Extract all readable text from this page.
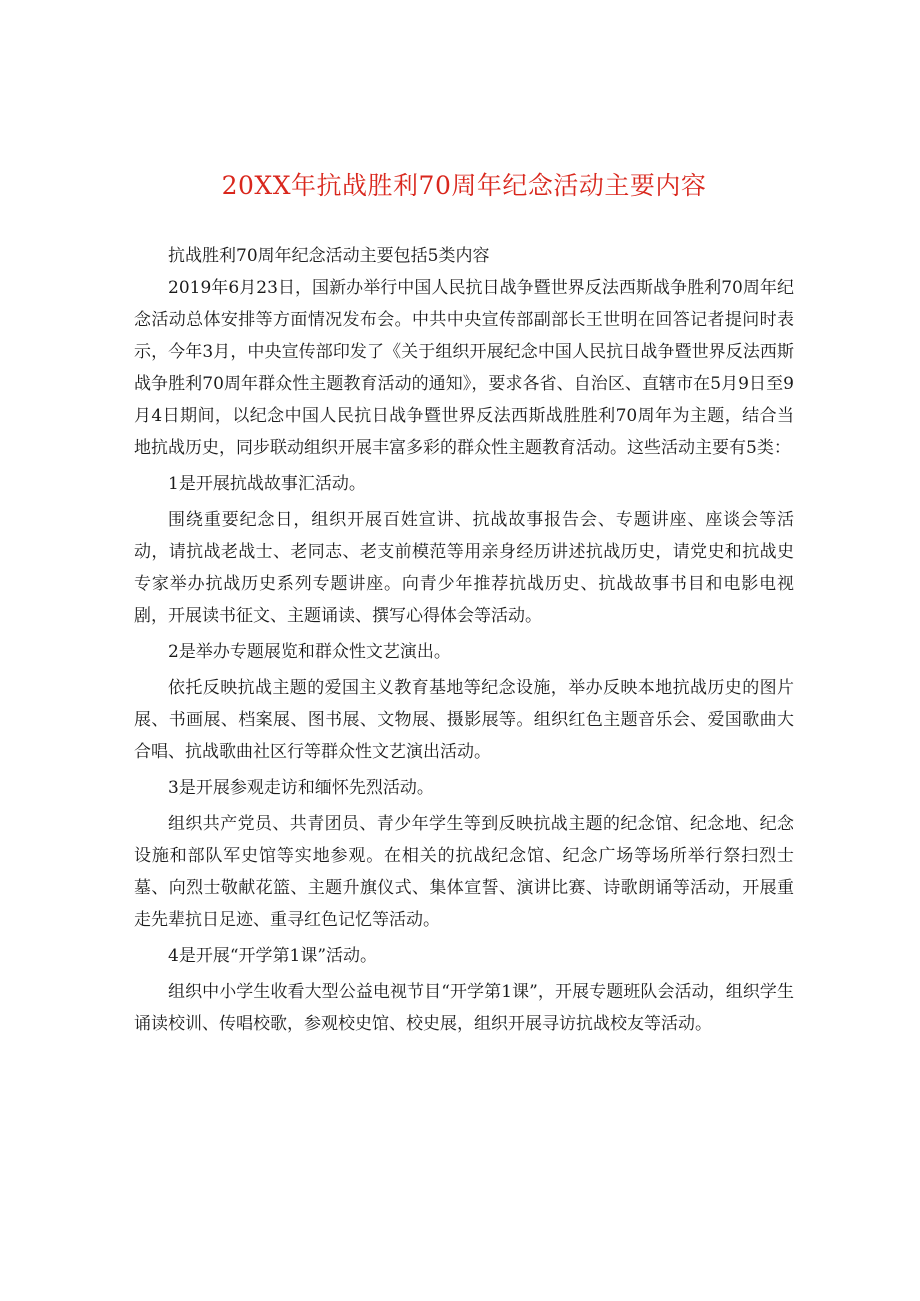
20XX年抗战胜利70周年纪念活动主要内容

抗战胜利70周年纪念活动主要包括5类内容

2019年6月23日，国新办举行中国人民抗日战争暨世界反法西斯战争胜利70周年纪念活动总体安排等方面情况发布会。中共中央宣传部副部长王世明在回答记者提问时表示，今年3月，中央宣传部印发了《关于组织开展纪念中国人民抗日战争暨世界反法西斯战争胜利70周年群众性主题教育活动的通知》，要求各省、自治区、直辖市在5月9日至9月4日期间，以纪念中国人民抗日战争暨世界反法西斯战胜胜利70周年为主题，结合当地抗战历史，同步联动组织开展丰富多彩的群众性主题教育活动。这些活动主要有5类：

1是开展抗战故事汇活动。

围绕重要纪念日，组织开展百姓宣讲、抗战故事报告会、专题讲座、座谈会等活动，请抗战老战士、老同志、老支前模范等用亲身经历讲述抗战历史，请党史和抗战史专家举办抗战历史系列专题讲座。向青少年推荐抗战历史、抗战故事书目和电影电视剧，开展读书征文、主题诵读、撰写心得体会等活动。

2是举办专题展览和群众性文艺演出。

依托反映抗战主题的爱国主义教育基地等纪念设施，举办反映本地抗战历史的图片展、书画展、档案展、图书展、文物展、摄影展等。组织红色主题音乐会、爱国歌曲大合唱、抗战歌曲社区行等群众性文艺演出活动。

3是开展参观走访和缅怀先烈活动。

组织共产党员、共青团员、青少年学生等到反映抗战主题的纪念馆、纪念地、纪念设施和部队军史馆等实地参观。在相关的抗战纪念馆、纪念广场等场所举行祭扫烈士墓、向烈士敬献花篮、主题升旗仪式、集体宣誓、演讲比赛、诗歌朗诵等活动，开展重走先辈抗日足迹、重寻红色记忆等活动。

4是开展“开学第1课”活动。

组织中小学生收看大型公益电视节目“开学第1课”，开展专题班队会活动，组织学生诵读校训、传唱校歌，参观校史馆、校史展，组织开展寻访抗战校友等活动。
